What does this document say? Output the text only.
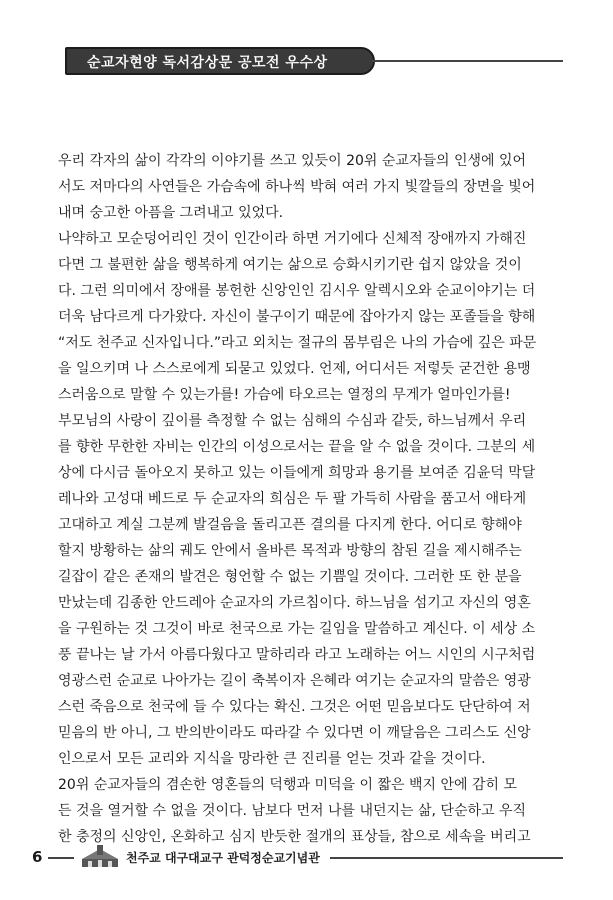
순교자현양 독서감상문 공모전 우수상
우리 각자의 삶이 각각의 이야기를 쓰고 있듯이 20위 순교자들의 인생에 있어
서도 저마다의 사연들은 가슴속에 하나씩 박혀 여러 가지 빛깔들의 장면을 빛어
내며 숭고한 아픔을 그려내고 있었다.
나약하고 모순덩어리인 것이 인간이라 하면 거기에다 신체적 장애까지 가해진
다면 그 불편한 삶을 행복하게 여기는 삶으로 승화시키기란 쉽지 않았을 것이
다. 그런 의미에서 장애를 봉헌한 신앙인인 김시우 알렉시오와 순교이야기는 더
더욱 남다르게 다가왔다. 자신이 불구이기 때문에 잡아가지 않는 포졸들을 향해
“저도 천주교 신자입니다.”라고 외치는 절규의 몸부림은 나의 가슴에 깊은 파문
을 일으키며 나 스스로에게 되묻고 있었다. 언제, 어디서든 저렇듯 굳건한 용맹
스러움으로 말할 수 있는가를! 가슴에 타오르는 열정의 무게가 얼마인가를!
부모님의 사랑이 깊이를 측정할 수 없는 심해의 수심과 같듯, 하느님께서 우리
를 향한 무한한 자비는 인간의 이성으로서는 끝을 알 수 없을 것이다. 그분의 세
상에 다시금 돌아오지 못하고 있는 이들에게 희망과 용기를 보여준 김윤덕 막달
레나와 고성대 베드로 두 순교자의 희심은 두 팔 가득히 사람을 품고서 애타게
고대하고 계실 그분께 발걸음을 돌리고픈 결의를 다지게 한다. 어디로 향해야
할지 방황하는 삶의 궤도 안에서 올바른 목적과 방향의 참된 길을 제시해주는
길잡이 같은 존재의 발견은 형언할 수 없는 기쁨일 것이다. 그러한 또 한 분을
만났는데 김종한 안드레아 순교자의 가르침이다. 하느님을 섬기고 자신의 영혼
을 구원하는 것 그것이 바로 천국으로 가는 길임을 말씀하고 계신다. 이 세상 소
풍 끝나는 날 가서 아름다웠다고 말하리라 라고 노래하는 어느 시인의 시구처럼
영광스런 순교로 나아가는 길이 축복이자 은혜라 여기는 순교자의 말씀은 영광
스런 죽음으로 천국에 들 수 있다는 확신. 그것은 어떤 믿음보다도 단단하여 저
믿음의 반 아니, 그 반의반이라도 따라갈 수 있다면 이 깨달음은 그리스도 신앙
인으로서 모든 교리와 지식을 망라한 큰 진리를 얻는 것과 같을 것이다.
20위 순교자들의 겸손한 영혼들의 덕행과 미덕을 이 짧은 백지 안에 감히 모
든 것을 열거할 수 없을 것이다. 남보다 먼저 나를 내던지는 삶, 단순하고 우직
한 충정의 신앙인, 온화하고 심지 반듯한 절개의 표상들, 참으로 세속을 버리고
6	천주교 대구대교구 관덕정순교기념관
